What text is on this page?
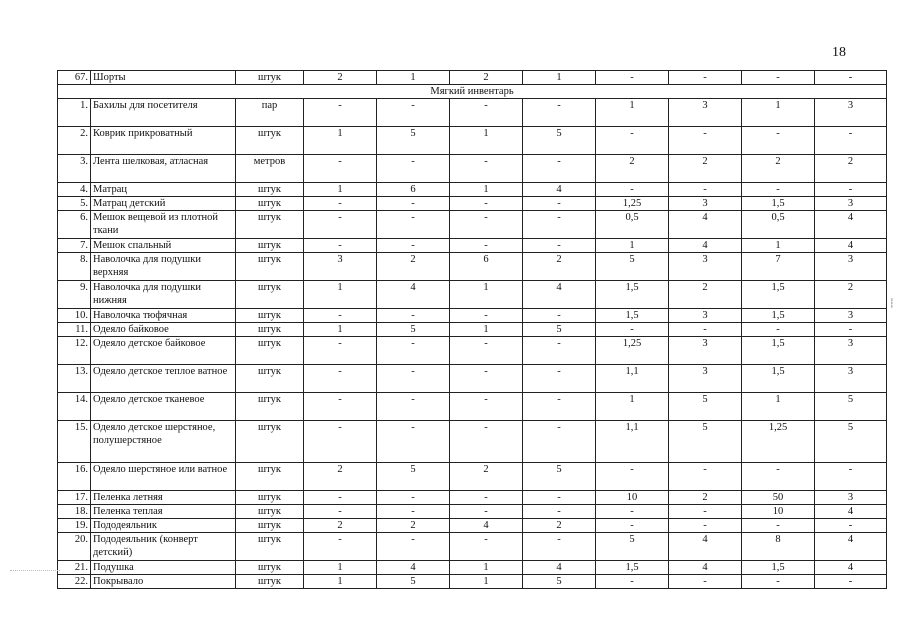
18
67.	Шорты	штук	2	1	2	1	-	-	-	-
Мягкий инвентарь										
1.	Бахилы для посетителя	пар	-	-	-	-	1	3	1	3
2.	Коврик прикроватный	штук	1	5	1	5	-	-	-	-
3.	Лента шелковая, атласная	метров	-	-	-	-	2	2	2	2
4.	Матрац	штук	1	6	1	4	-	-	-	-
5.	Матрац детский	штук	-	-	-	-	1,25	3	1,5	3
6.	Мешок вещевой из плотной ткани	штук	-	-	-	-	0,5	4	0,5	4
7.	Мешок спальный	штук	-	-	-	-	1	4	1	4
8.	Наволочка для подушки верхняя	штук	3	2	6	2	5	3	7	3
9.	Наволочка для подушки нижняя	штук	1	4	1	4	1,5	2	1,5	2
10.	Наволочка тюфячная	штук	-	-	-	-	1,5	3	1,5	3
11.	Одеяло байковое	штук	1	5	1	5	-	-	-	-
12.	Одеяло детское байковое	штук	-	-	-	-	1,25	3	1,5	3
13.	Одеяло детское теплое ватное	штук	-	-	-	-	1,1	3	1,5	3
14.	Одеяло детское тканевое	штук	-	-	-	-	1	5	1	5
15.	Одеяло детское шерстяное, полушерстяное	штук	-	-	-	-	1,1	5	1,25	5
16.	Одеяло шерстяное или ватное	штук	2	5	2	5	-	-	-	-
17.	Пеленка летняя	штук	-	-	-	-	10	2	50	3
18.	Пеленка теплая	штук	-	-	-	-	-	-	10	4
19.	Пододеяльник	штук	2	2	4	2	-	-	-	-
20.	Пододеяльник (конверт детский)	штук	-	-	-	-	5	4	8	4
21.	Подушка	штук	1	4	1	4	1,5	4	1,5	4
22.	Покрывало	штук	1	5	1	5	-	-	-	-
≡≡≡
